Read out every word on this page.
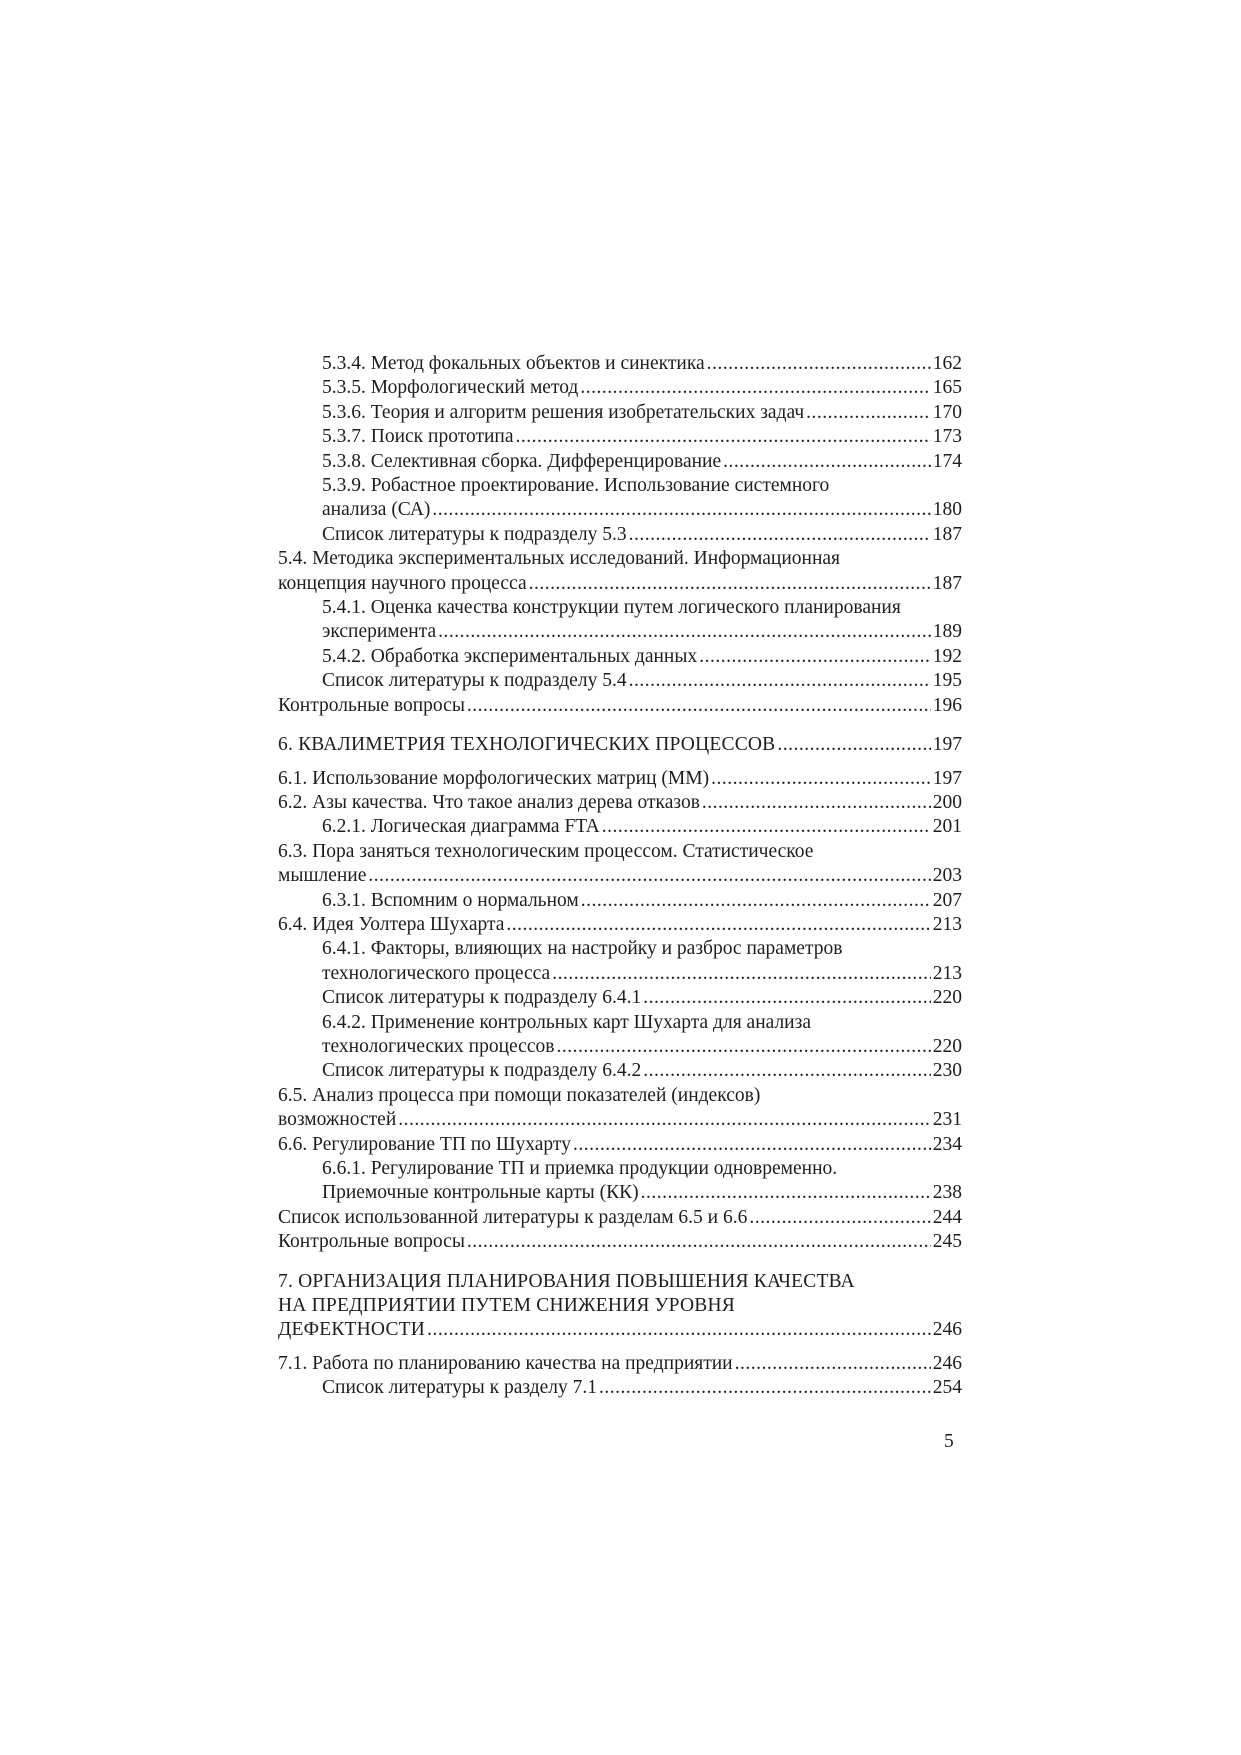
5.3.4. Метод фокальных объектов и синектика .....	162
5.3.5. Морфологический метод .....	165
5.3.6. Теория и алгоритм решения изобретательских задач .....	170
5.3.7. Поиск прототипа .....	173
5.3.8. Селективная сборка. Дифференцирование .....	174
5.3.9. Робастное проектирование. Использование системного
анализа (СА) .....	180
Список литературы к подразделу 5.3 .....	187
5.4. Методика экспериментальных исследований. Информационная
концепция научного процесса .....	187
5.4.1. Оценка качества конструкции путем логического планирования
эксперимента .....	189
5.4.2. Обработка экспериментальных данных .....	192
Список литературы к подразделу 5.4 .....	195
Контрольные вопросы .....	196
6. КВАЛИМЕТРИЯ ТЕХНОЛОГИЧЕСКИХ ПРОЦЕССОВ .....	197
6.1. Использование морфологических матриц (ММ) .....	197
6.2. Азы качества. Что такое анализ дерева отказов .....	200
6.2.1. Логическая диаграмма FTA .....	201
6.3. Пора заняться технологическим процессом. Статистическое
мышление .....	203
6.3.1. Вспомним о нормальном .....	207
6.4. Идея Уолтера Шухарта .....	213
6.4.1. Факторы, влияющих на настройку и разброс параметров
технологического процесса .....	213
Список литературы к подразделу 6.4.1 .....	220
6.4.2. Применение контрольных карт Шухарта для анализа
технологических процессов .....	220
Список литературы к подразделу 6.4.2 .....	230
6.5. Анализ процесса при помощи показателей (индексов)
возможностей .....	231
6.6. Регулирование ТП по Шухарту .....	234
6.6.1. Регулирование ТП и приемка продукции одновременно.
Приемочные контрольные карты (КК) .....	238
Список использованной литературы к разделам 6.5 и 6.6 .....	244
Контрольные вопросы .....	245
7. ОРГАНИЗАЦИЯ ПЛАНИРОВАНИЯ ПОВЫШЕНИЯ КАЧЕСТВА
НА ПРЕДПРИЯТИИ ПУТЕМ СНИЖЕНИЯ УРОВНЯ
ДЕФЕКТНОСТИ .....	246
7.1. Работа по планированию качества на предприятии .....	246
Список литературы к разделу 7.1 .....	254
5
